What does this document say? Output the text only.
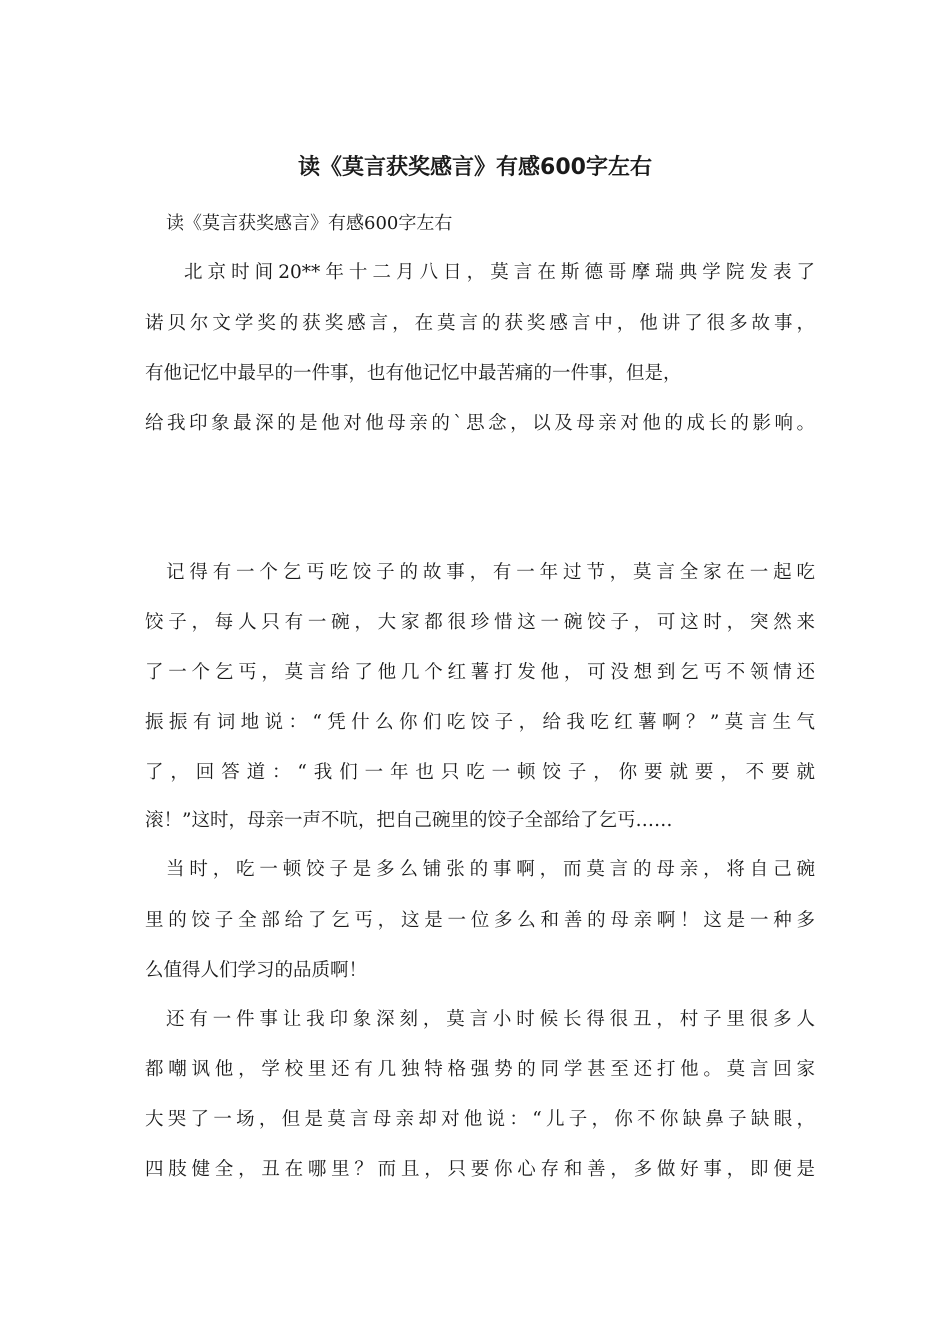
读《莫言获奖感言》有感600字左右

读《莫言获奖感言》有感600字左右

北京时间20**年十二月八日，莫言在斯德哥摩瑞典学院发表了

诺贝尔文学奖的获奖感言，在莫言的获奖感言中，他讲了很多故事，

有他记忆中最早的一件事，也有他记忆中最苦痛的一件事，但是，

给我印象最深的是他对他母亲的`思念，以及母亲对他的成长的影响。

记得有一个乞丐吃饺子的故事，有一年过节，莫言全家在一起吃

饺子，每人只有一碗，大家都很珍惜这一碗饺子，可这时，突然来

了一个乞丐，莫言给了他几个红薯打发他，可没想到乞丐不领情还

振振有词地说：“凭什么你们吃饺子，给我吃红薯啊？”莫言生气

了，回答道：“我们一年也只吃一顿饺子，你要就要，不要就

滚！”这时，母亲一声不吭，把自己碗里的饺子全部给了乞丐……

当时，吃一顿饺子是多么铺张的事啊，而莫言的母亲，将自己碗

里的饺子全部给了乞丐，这是一位多么和善的母亲啊！这是一种多

么值得人们学习的品质啊！

还有一件事让我印象深刻，莫言小时候长得很丑，村子里很多人

都嘲讽他，学校里还有几独特格强势的同学甚至还打他。莫言回家

大哭了一场，但是莫言母亲却对他说：“儿子，你不你缺鼻子缺眼，

四肢健全，丑在哪里？而且，只要你心存和善，多做好事，即便是
